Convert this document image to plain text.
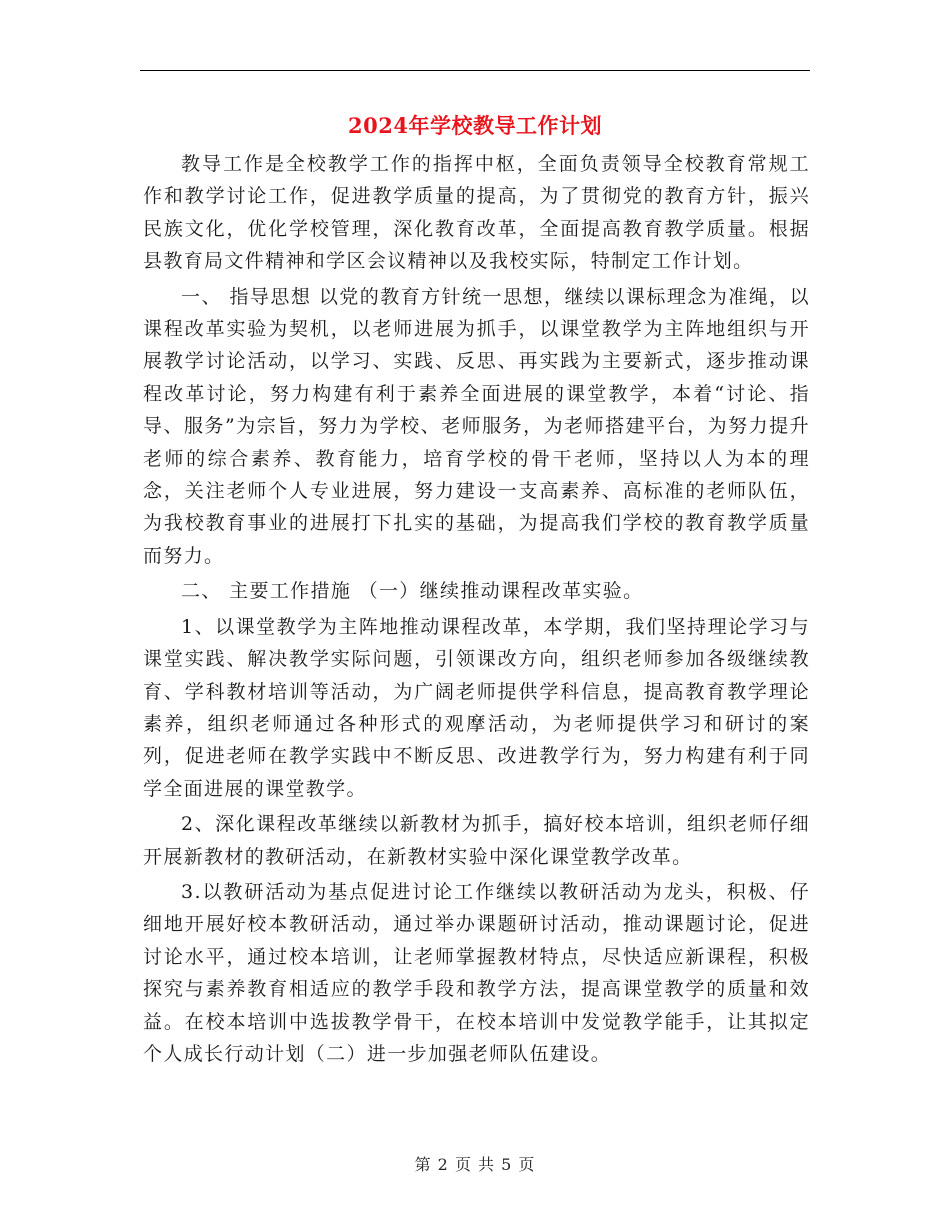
2024年学校教导工作计划

教导工作是全校教学工作的指挥中枢，全面负责领导全校教育常规工作和教学讨论工作，促进教学质量的提高，为了贯彻党的教育方针，振兴民族文化，优化学校管理，深化教育改革，全面提高教育教学质量。根据县教育局文件精神和学区会议精神以及我校实际，特制定工作计划。

一、 指导思想 以党的教育方针统一思想，继续以课标理念为准绳，以课程改革实验为契机，以老师进展为抓手，以课堂教学为主阵地组织与开展教学讨论活动，以学习、实践、反思、再实践为主要新式，逐步推动课程改革讨论，努力构建有利于素养全面进展的课堂教学，本着“讨论、指导、服务”为宗旨，努力为学校、老师服务，为老师搭建平台，为努力提升老师的综合素养、教育能力，培育学校的骨干老师，坚持以人为本的理念，关注老师个人专业进展，努力建设一支高素养、高标准的老师队伍，为我校教育事业的进展打下扎实的基础，为提高我们学校的教育教学质量而努力。

二、 主要工作措施 （一）继续推动课程改革实验。

1、以课堂教学为主阵地推动课程改革，本学期，我们坚持理论学习与课堂实践、解决教学实际问题，引领课改方向，组织老师参加各级继续教育、学科教材培训等活动，为广阔老师提供学科信息，提高教育教学理论素养，组织老师通过各种形式的观摩活动，为老师提供学习和研讨的案列，促进老师在教学实践中不断反思、改进教学行为，努力构建有利于同学全面进展的课堂教学。

2、深化课程改革继续以新教材为抓手，搞好校本培训，组织老师仔细开展新教材的教研活动，在新教材实验中深化课堂教学改革。

3.以教研活动为基点促进讨论工作继续以教研活动为龙头，积极、仔细地开展好校本教研活动，通过举办课题研讨活动，推动课题讨论，促进讨论水平，通过校本培训，让老师掌握教材特点，尽快适应新课程，积极探究与素养教育相适应的教学手段和教学方法，提高课堂教学的质量和效益。在校本培训中选拔教学骨干，在校本培训中发觉教学能手，让其拟定个人成长行动计划（二）进一步加强老师队伍建设。

第 2 页 共 5 页
